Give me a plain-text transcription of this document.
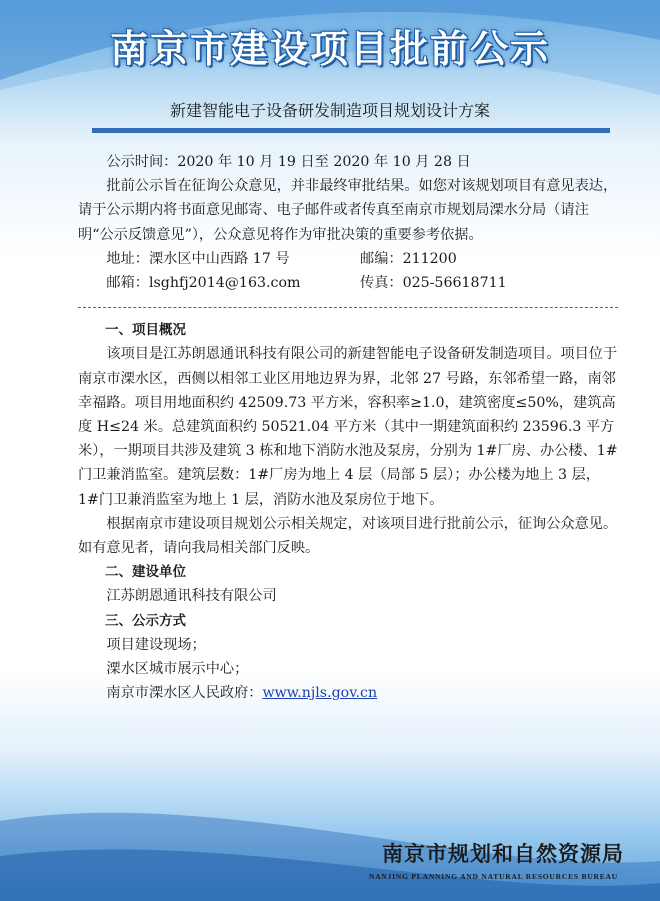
南京市建设项目批前公示
新建智能电子设备研发制造项目规划设计方案

公示时间：2020 年 10 月 19 日至 2020 年 10 月 28 日

批前公示旨在征询公众意见，并非最终审批结果。如您对该规划项目有意见表达，请于公示期内将书面意见邮寄、电子邮件或者传真至南京市规划局溧水分局（请注明“公示反馈意见”），公众意见将作为审批决策的重要参考依据。

地址：溧水区中山西路 17 号	邮编：211200
邮箱：lsghfj2014@163.com	传真：025-56618711

一、项目概况

该项目是江苏朗恩通讯科技有限公司的新建智能电子设备研发制造项目。项目位于南京市溧水区，西侧以相邻工业区用地边界为界，北邻 27 号路，东邻希望一路，南邻幸福路。项目用地面积约 42509.73 平方米，容积率≥1.0，建筑密度≤50%，建筑高度 H≤24 米。总建筑面积约 50521.04 平方米（其中一期建筑面积约 23596.3 平方米），一期项目共涉及建筑 3 栋和地下消防水池及泵房，分别为 1#厂房、办公楼、1#门卫兼消监室。建筑层数：1#厂房为地上 4 层（局部 5 层）；办公楼为地上 3 层，1#门卫兼消监室为地上 1 层，消防水池及泵房位于地下。

根据南京市建设项目规划公示相关规定，对该项目进行批前公示，征询公众意见。如有意见者，请向我局相关部门反映。

二、建设单位

江苏朗恩通讯科技有限公司

三、公示方式

项目建设现场；

溧水区城市展示中心；

南京市溧水区人民政府：www.njls.gov.cn

南京市规划和自然资源局
NANJING PLANNING AND NATURAL RESOURCES BUREAU
